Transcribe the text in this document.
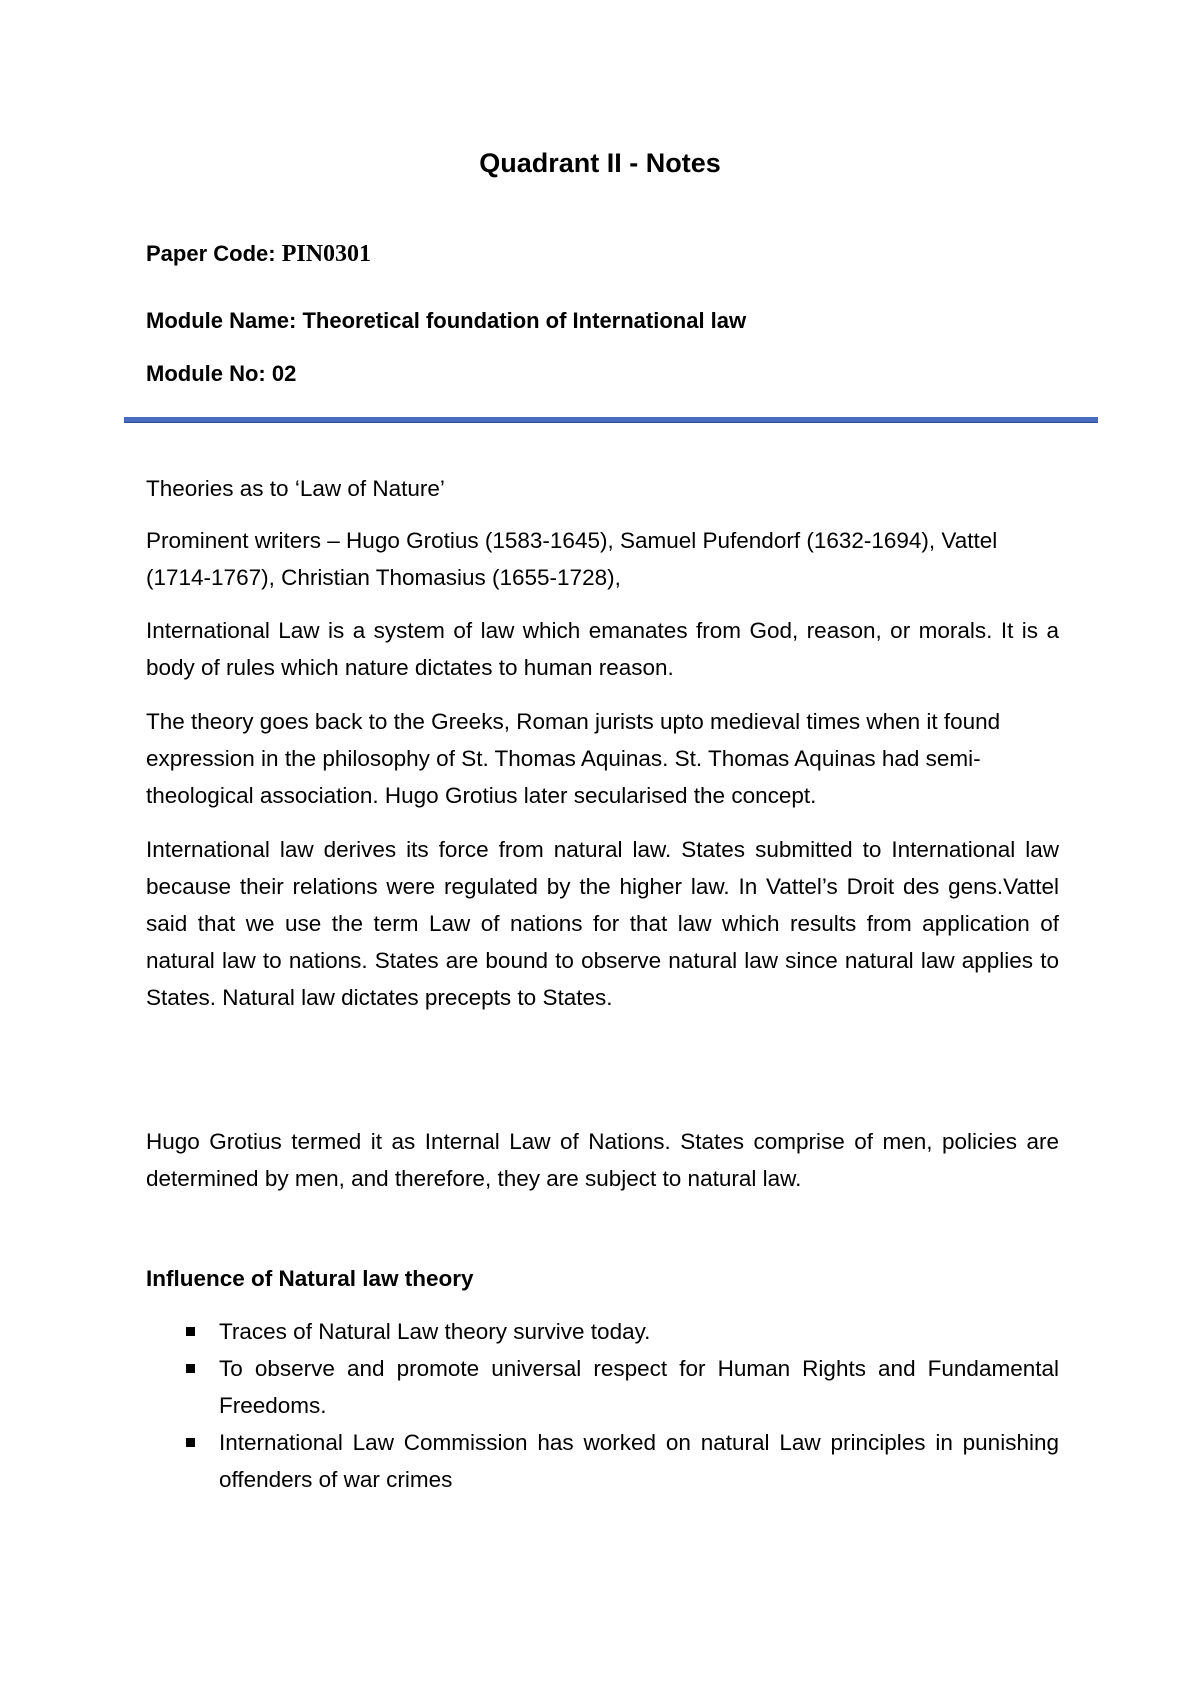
Quadrant II - Notes
Paper Code: PIN0301
Module Name: Theoretical foundation of International law
Module No: 02

Theories as to ‘Law of Nature’

Prominent writers – Hugo Grotius (1583-1645), Samuel Pufendorf (1632-1694), Vattel (1714-1767), Christian Thomasius (1655-1728),

International Law is a system of law which emanates from God, reason, or morals. It is a body of rules which nature dictates to human reason.

The theory goes back to the Greeks, Roman jurists upto medieval times when it found expression in the philosophy of St. Thomas Aquinas. St. Thomas Aquinas had semi-theological association. Hugo Grotius later secularised the concept.

International law derives its force from natural law. States submitted to International law because their relations were regulated by the higher law. In Vattel’s Droit des gens.Vattel said that we use the term Law of nations for that law which results from application of natural law to nations. States are bound to observe natural law since natural law applies to States. Natural law dictates precepts to States.

Hugo Grotius termed it as Internal Law of Nations. States comprise of men, policies are determined by men, and therefore, they are subject to natural law.

Influence of Natural law theory
Traces of Natural Law theory survive today.
To observe and promote universal respect for Human Rights and Fundamental Freedoms.
International Law Commission has worked on natural Law principles in punishing offenders of war crimes
